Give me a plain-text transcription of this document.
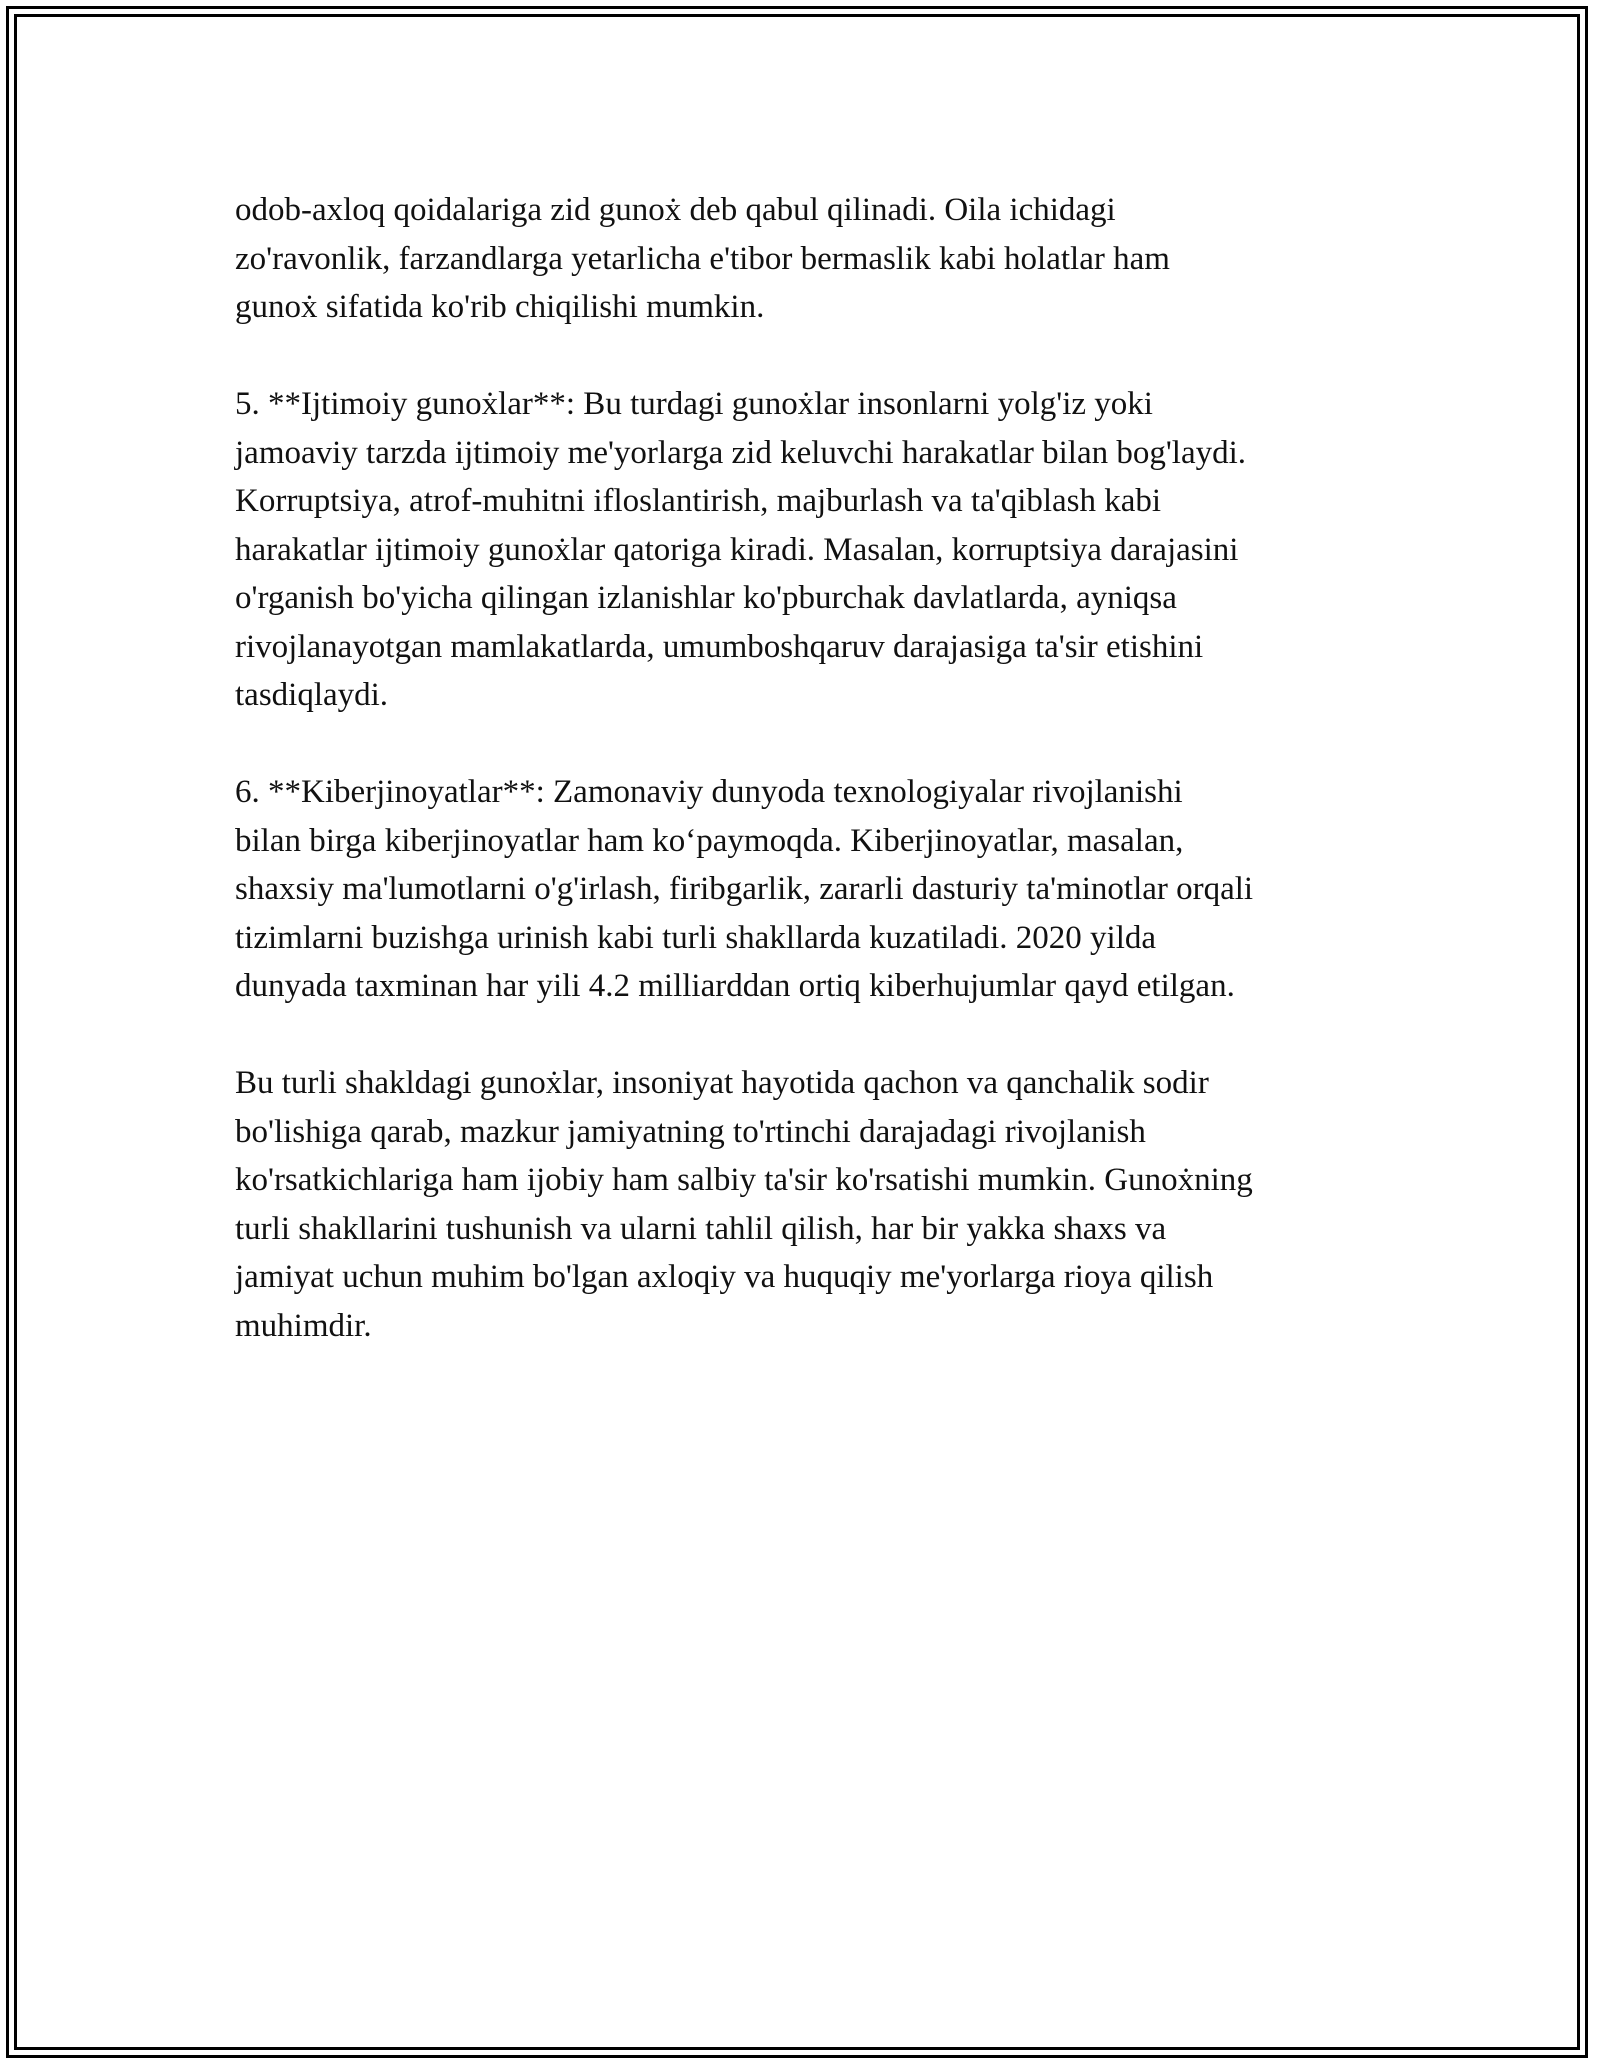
odob-axloq qoidalariga zid gunoẋ deb qabul qilinadi. Oila ichidagi
zo'ravonlik, farzandlarga yetarlicha e'tibor bermaslik kabi holatlar ham
gunoẋ sifatida ko'rib chiqilishi mumkin.

5. **Ijtimoiy gunoẋlar**: Bu turdagi gunoẋlar insonlarni yolg'iz yoki
jamoaviy tarzda ijtimoiy me'yorlarga zid keluvchi harakatlar bilan bog'laydi.
Korruptsiya, atrof-muhitni ifloslantirish, majburlash va ta'qiblash kabi
harakatlar ijtimoiy gunoẋlar qatoriga kiradi. Masalan, korruptsiya darajasini
o'rganish bo'yicha qilingan izlanishlar ko'pburchak davlatlarda, ayniqsa
rivojlanayotgan mamlakatlarda, umumboshqaruv darajasiga ta'sir etishini
tasdiqlaydi.

6. **Kiberjinoyatlar**: Zamonaviy dunyoda texnologiyalar rivojlanishi
bilan birga kiberjinoyatlar ham koʻpaymoqda. Kiberjinoyatlar, masalan,
shaxsiy ma'lumotlarni o'g'irlash, firibgarlik, zararli dasturiy ta'minotlar orqali
tizimlarni buzishga urinish kabi turli shakllarda kuzatiladi. 2020 yilda
dunyada taxminan har yili 4.2 milliarddan ortiq kiberhujumlar qayd etilgan.

Bu turli shakldagi gunoẋlar, insoniyat hayotida qachon va qanchalik sodir
bo'lishiga qarab, mazkur jamiyatning to'rtinchi darajadagi rivojlanish
ko'rsatkichlariga ham ijobiy ham salbiy ta'sir ko'rsatishi mumkin. Gunoẋning
turli shakllarini tushunish va ularni tahlil qilish, har bir yakka shaxs va
jamiyat uchun muhim bo'lgan axloqiy va huquqiy me'yorlarga rioya qilish
muhimdir.
